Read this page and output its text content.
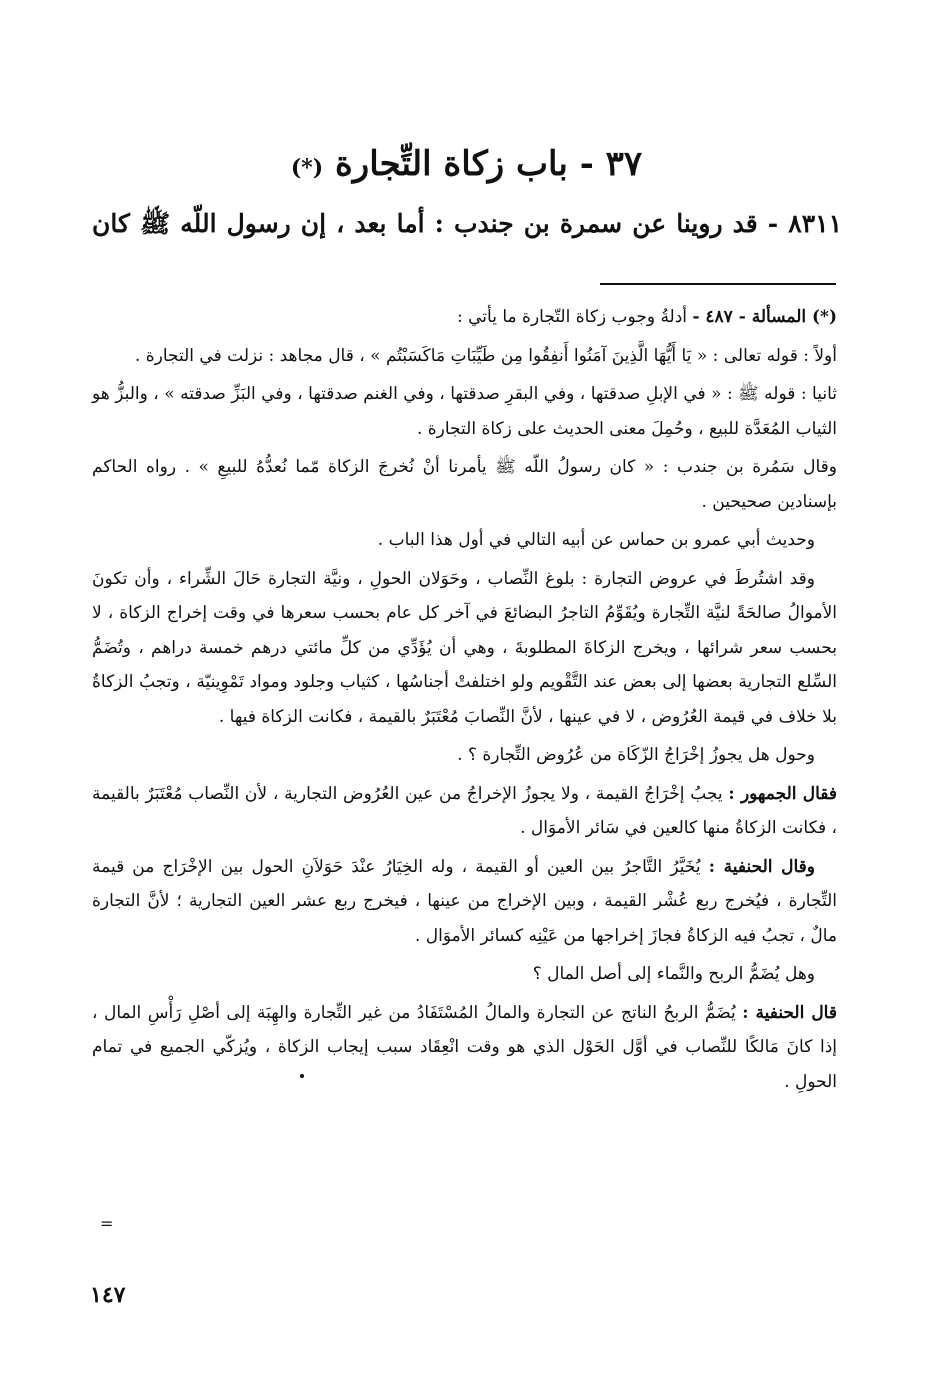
٣٧ - باب زكاة التِّجارة (*)
٨٣١١ - قد روينا عن سمرة بن جندب : أما بعد ، إن رسول اللّه ﷺ كان

(*) المسألة - ٤٨٧ - أدلةُ وجوب زكاة التّجارة ما يأتي :

أولاً : قوله تعالى : « يَا أَيُّهَا الَّذِينَ آمَنُوا أَنفِقُوا مِن طَيِّبَاتِ مَاكَسَبْتُم » ، قال مجاهد : نزلت في التجارة .

ثانيا : قوله ﷺ : « في الإبلِ صدقتها ، وفي البقرِ صدقتها ، وفي الغنم صدقتها ، وفي البَزِّ صدقته » ، والبزُّ هو الثياب المُعَدَّة للبيع ، وحُمِلَ معنى الحديث على زكاة التجارة .

وقال سَمُرة بن جندب : « كان رسولُ اللّه ﷺ يأمرنا أنْ نُخرجَ الزكاة مّما نُعدُّهُ للبيعِ » . رواه الحاكم بإسنادين صحيحين .

وحديث أبي عمرو بن حماس عن أبيه التالي في أول هذا الباب .

وقد اشتُرطَ في عروض التجارة : بلوغ النِّصاب ، وحَوَلان الحولِ ، ونيَّة التجارة حَالَ الشِّراء ، وأن تكونَ الأموالُ صالحَةً لنيَّة التِّجارة ويُقَوِّمُ التاجرُ البضائعَ في آخر كل عام بحسب سعرها في وقت إخراج الزكاة ، لا بحسب سعر شرائها ، ويخرج الزكاةَ المطلوبةَ ، وهي أن يُؤَدِّي من كلِّ مائتي درهم خمسة دراهم ، وتُضَمُّ السِّلع التجارية بعضها إلى بعض عند التَّقْويم ولو اختلفتْ أجناسُها ، كثياب وجلود ومواد تَمْوِينيّة ، وتجبُ الزكاةُ بلا خلاف في قيمة العُرُوض ، لا في عينها ، لأنَّ النِّصابَ مُعْتَبَرٌ بالقيمة ، فكانت الزكاة فيها .

وحول هل يجوزُ إخْرَاجُ الزّكَاة من عُرُوض التِّجارة ؟ .

فقال الجمهور : يجبُ إخْرَاجُ القيمة ، ولا يجوزُ الإخراجُ من عين العُرُوض التجارية ، لأن النِّصاب مُعْتَبَرٌ بالقيمة ، فكانت الزكاةُ منها كالعين في سَائر الأموَال .

وقال الحنفية : يُخَيَّرُ التَّاجرُ بين العين أو القيمة ، وله الخِيَارُ عنْدَ حَوَلاَنِ الحول بين الإخْرَاج من قيمة التِّجارة ، فيُخرج ربع عُشْر القيمة ، وبين الإخراج من عينها ، فيخرج ربع عشر العين التجارية ؛ لأنَّ التجارة مالٌ ، تجبُ فيه الزكاةُ فجازَ إخراجها من عَيْنِه كسائر الأموَال .

وهل يُضَمُّ الربح والنَّماء إلى أصل المال ؟

قال الحنفية : يُضَمُّ الربحُ الناتج عن التجارة والمالُ المُسْتَفَادُ من غير التِّجارة والهِبَة إلى أصْلِ رَأْسِ المال ، إذا كانَ مَالكًا للنِّصاب في أوَّل الحَوْل الذي هو وقت انْعِقَاد سبب إيجاب الزكاة ، ويُزكّي الجميع في تمام الحولِ .

=
١٤٧
